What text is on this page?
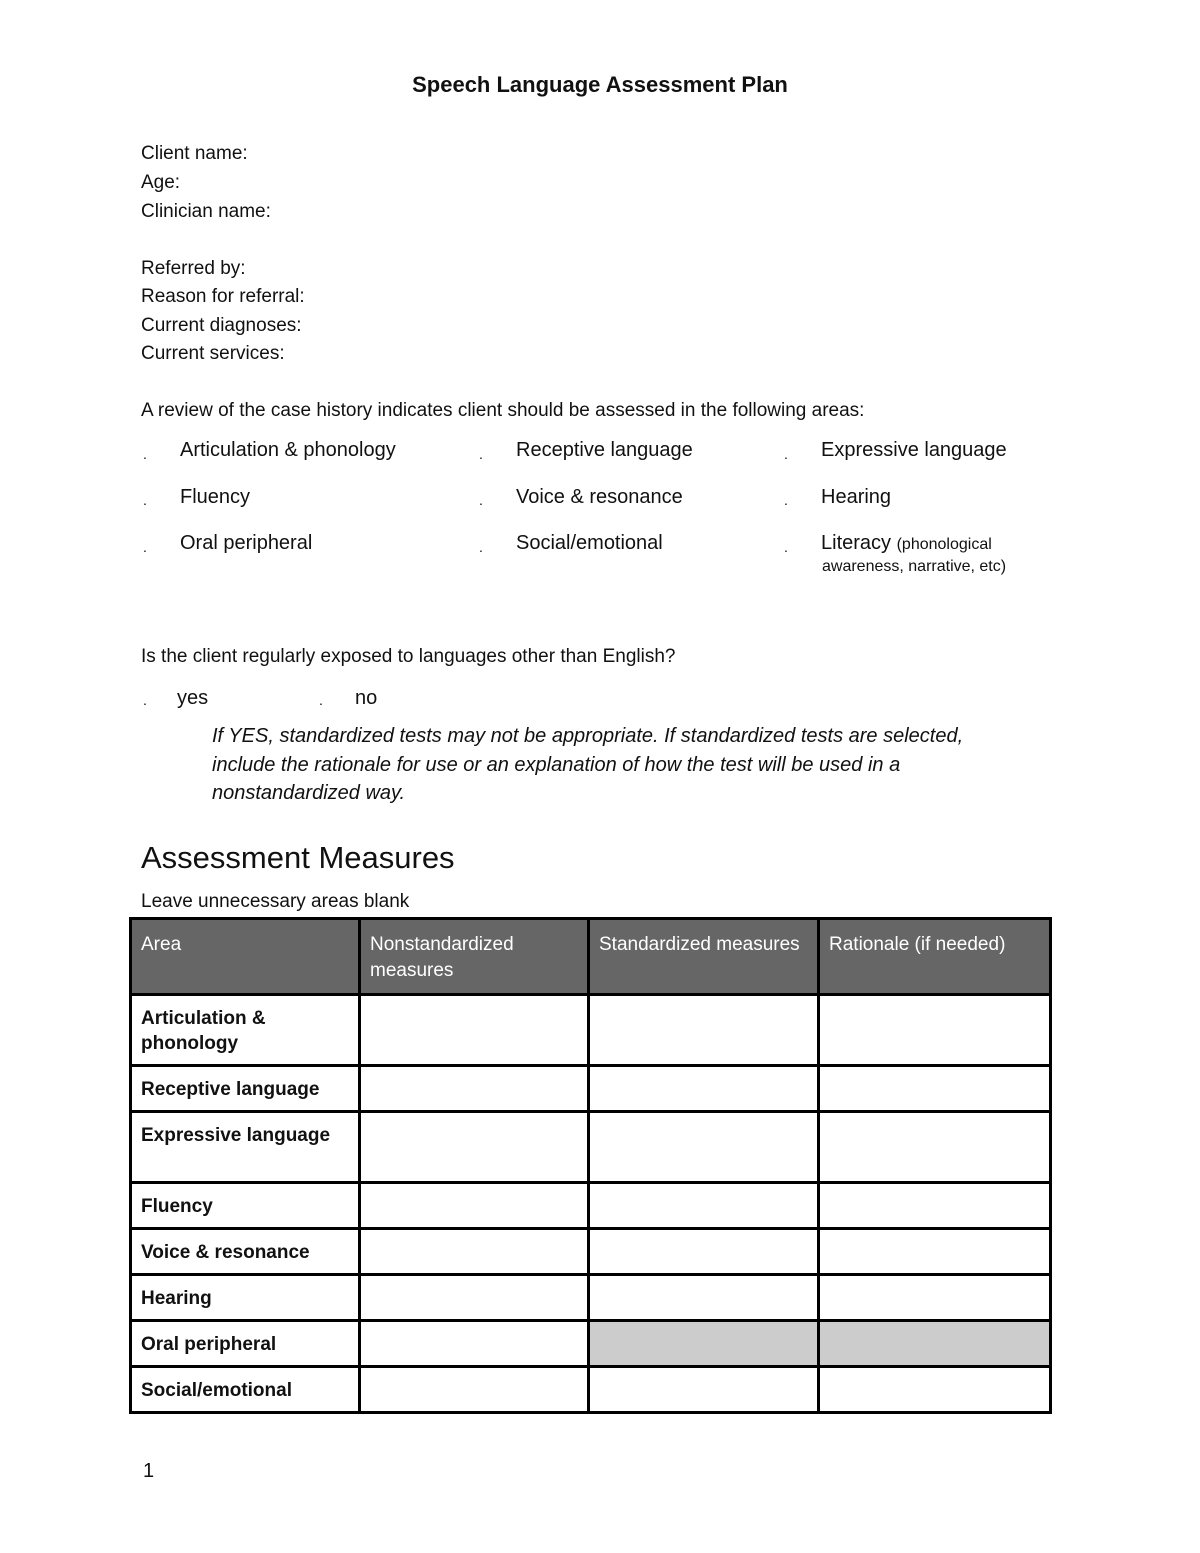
Speech Language Assessment Plan
Client name:
Age:
Clinician name:
Referred by:
Reason for referral:
Current diagnoses:
Current services:
A review of the case history indicates client should be assessed in the following areas:
. Articulation & phonology	. Receptive language	. Expressive language
. Fluency	. Voice & resonance	. Hearing
. Oral peripheral	. Social/emotional	. Literacy (phonological
awareness, narrative, etc)
Is the client regularly exposed to languages other than English?
. yes	. no
If YES, standardized tests may not be appropriate. If standardized tests are selected,
include the rationale for use or an explanation of how the test will be used in a
nonstandardized way.
Assessment Measures
Leave unnecessary areas blank
Area	Nonstandardized measures	Standardized measures	Rationale (if needed)
Articulation & phonology			
Receptive language			
Expressive language			
Fluency			
Voice & resonance			
Hearing			
Oral peripheral			
Social/emotional			
1
